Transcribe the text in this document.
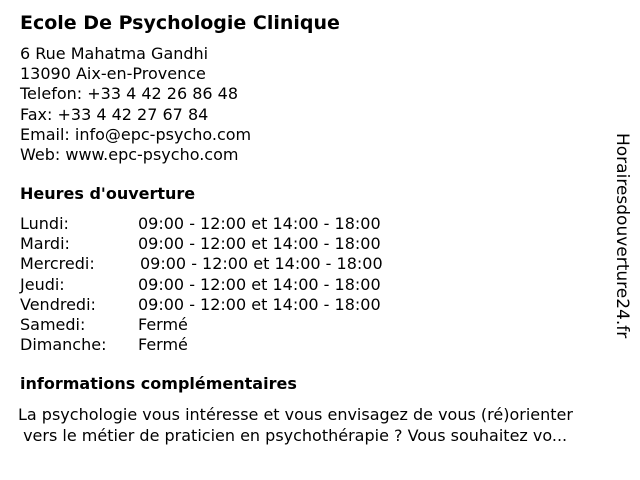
Ecole De Psychologie Clinique
6 Rue Mahatma Gandhi
13090 Aix-en-Provence
Telefon: +33 4 42 26 86 48
Fax: +33 4 42 27 67 84
Email: info@epc-psycho.com
Web: www.epc-psycho.com
Heures d'ouverture
Lundi:	09:00 - 12:00 et 14:00 - 18:00
Mardi:	09:00 - 12:00 et 14:00 - 18:00
Mercredi:	09:00 - 12:00 et 14:00 - 18:00
Jeudi:	09:00 - 12:00 et 14:00 - 18:00
Vendredi:	09:00 - 12:00 et 14:00 - 18:00
Samedi:	Fermé
Dimanche: Fermé
informations complémentaires
La psychologie vous intéresse et vous envisagez de vous (ré)orienter
vers le métier de praticien en psychothérapie ? Vous souhaitez vo...
Horairesdouverture24.fr
